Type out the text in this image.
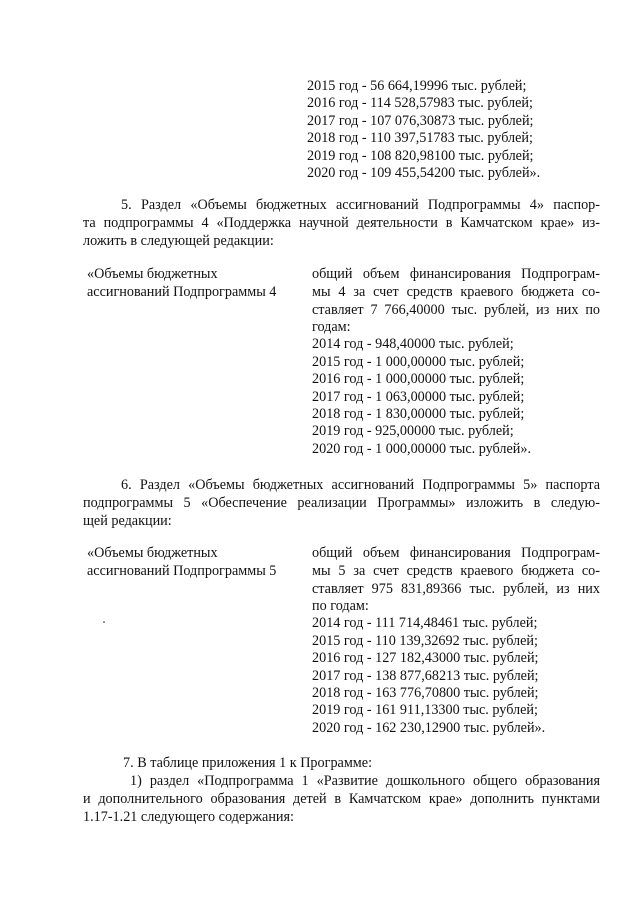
2015 год - 56 664,19996 тыс. рублей;
2016 год - 114 528,57983 тыс. рублей;
2017 год - 107 076,30873 тыс. рублей;
2018 год - 110 397,51783 тыс. рублей;
2019 год - 108 820,98100 тыс. рублей;
2020 год - 109 455,54200 тыс. рублей».
5. Раздел «Объемы бюджетных ассигнований Подпрограммы 4» паспор-
та подпрограммы 4 «Поддержка научной деятельности в Камчатском крае» из-
ложить в следующей редакции:
«Объемы бюджетных
ассигнований Подпрограммы 4
общий объем финансирования Подпрограм-
мы 4 за счет средств краевого бюджета со-
ставляет 7 766,40000 тыс. рублей, из них по
годам:
2014 год - 948,40000 тыс. рублей;
2015 год - 1 000,00000 тыс. рублей;
2016 год - 1 000,00000 тыс. рублей;
2017 год - 1 063,00000 тыс. рублей;
2018 год - 1 830,00000 тыс. рублей;
2019 год - 925,00000 тыс. рублей;
2020 год - 1 000,00000 тыс. рублей».
6. Раздел «Объемы бюджетных ассигнований Подпрограммы 5» паспорта
подпрограммы 5 «Обеспечение реализации Программы» изложить в следую-
щей редакции:
«Объемы бюджетных
ассигнований Подпрограммы 5
общий объем финансирования Подпрограм-
мы 5 за счет средств краевого бюджета со-
ставляет 975 831,89366 тыс. рублей, из них
по годам:
2014 год - 111 714,48461 тыс. рублей;
2015 год - 110 139,32692 тыс. рублей;
2016 год - 127 182,43000 тыс. рублей;
2017 год - 138 877,68213 тыс. рублей;
2018 год - 163 776,70800 тыс. рублей;
2019 год - 161 911,13300 тыс. рублей;
2020 год - 162 230,12900 тыс. рублей».
7. В таблице приложения 1 к Программе:
1) раздел «Подпрограмма 1 «Развитие дошкольного общего образования
и дополнительного образования детей в Камчатском крае» дополнить пунктами
1.17-1.21 следующего содержания:
